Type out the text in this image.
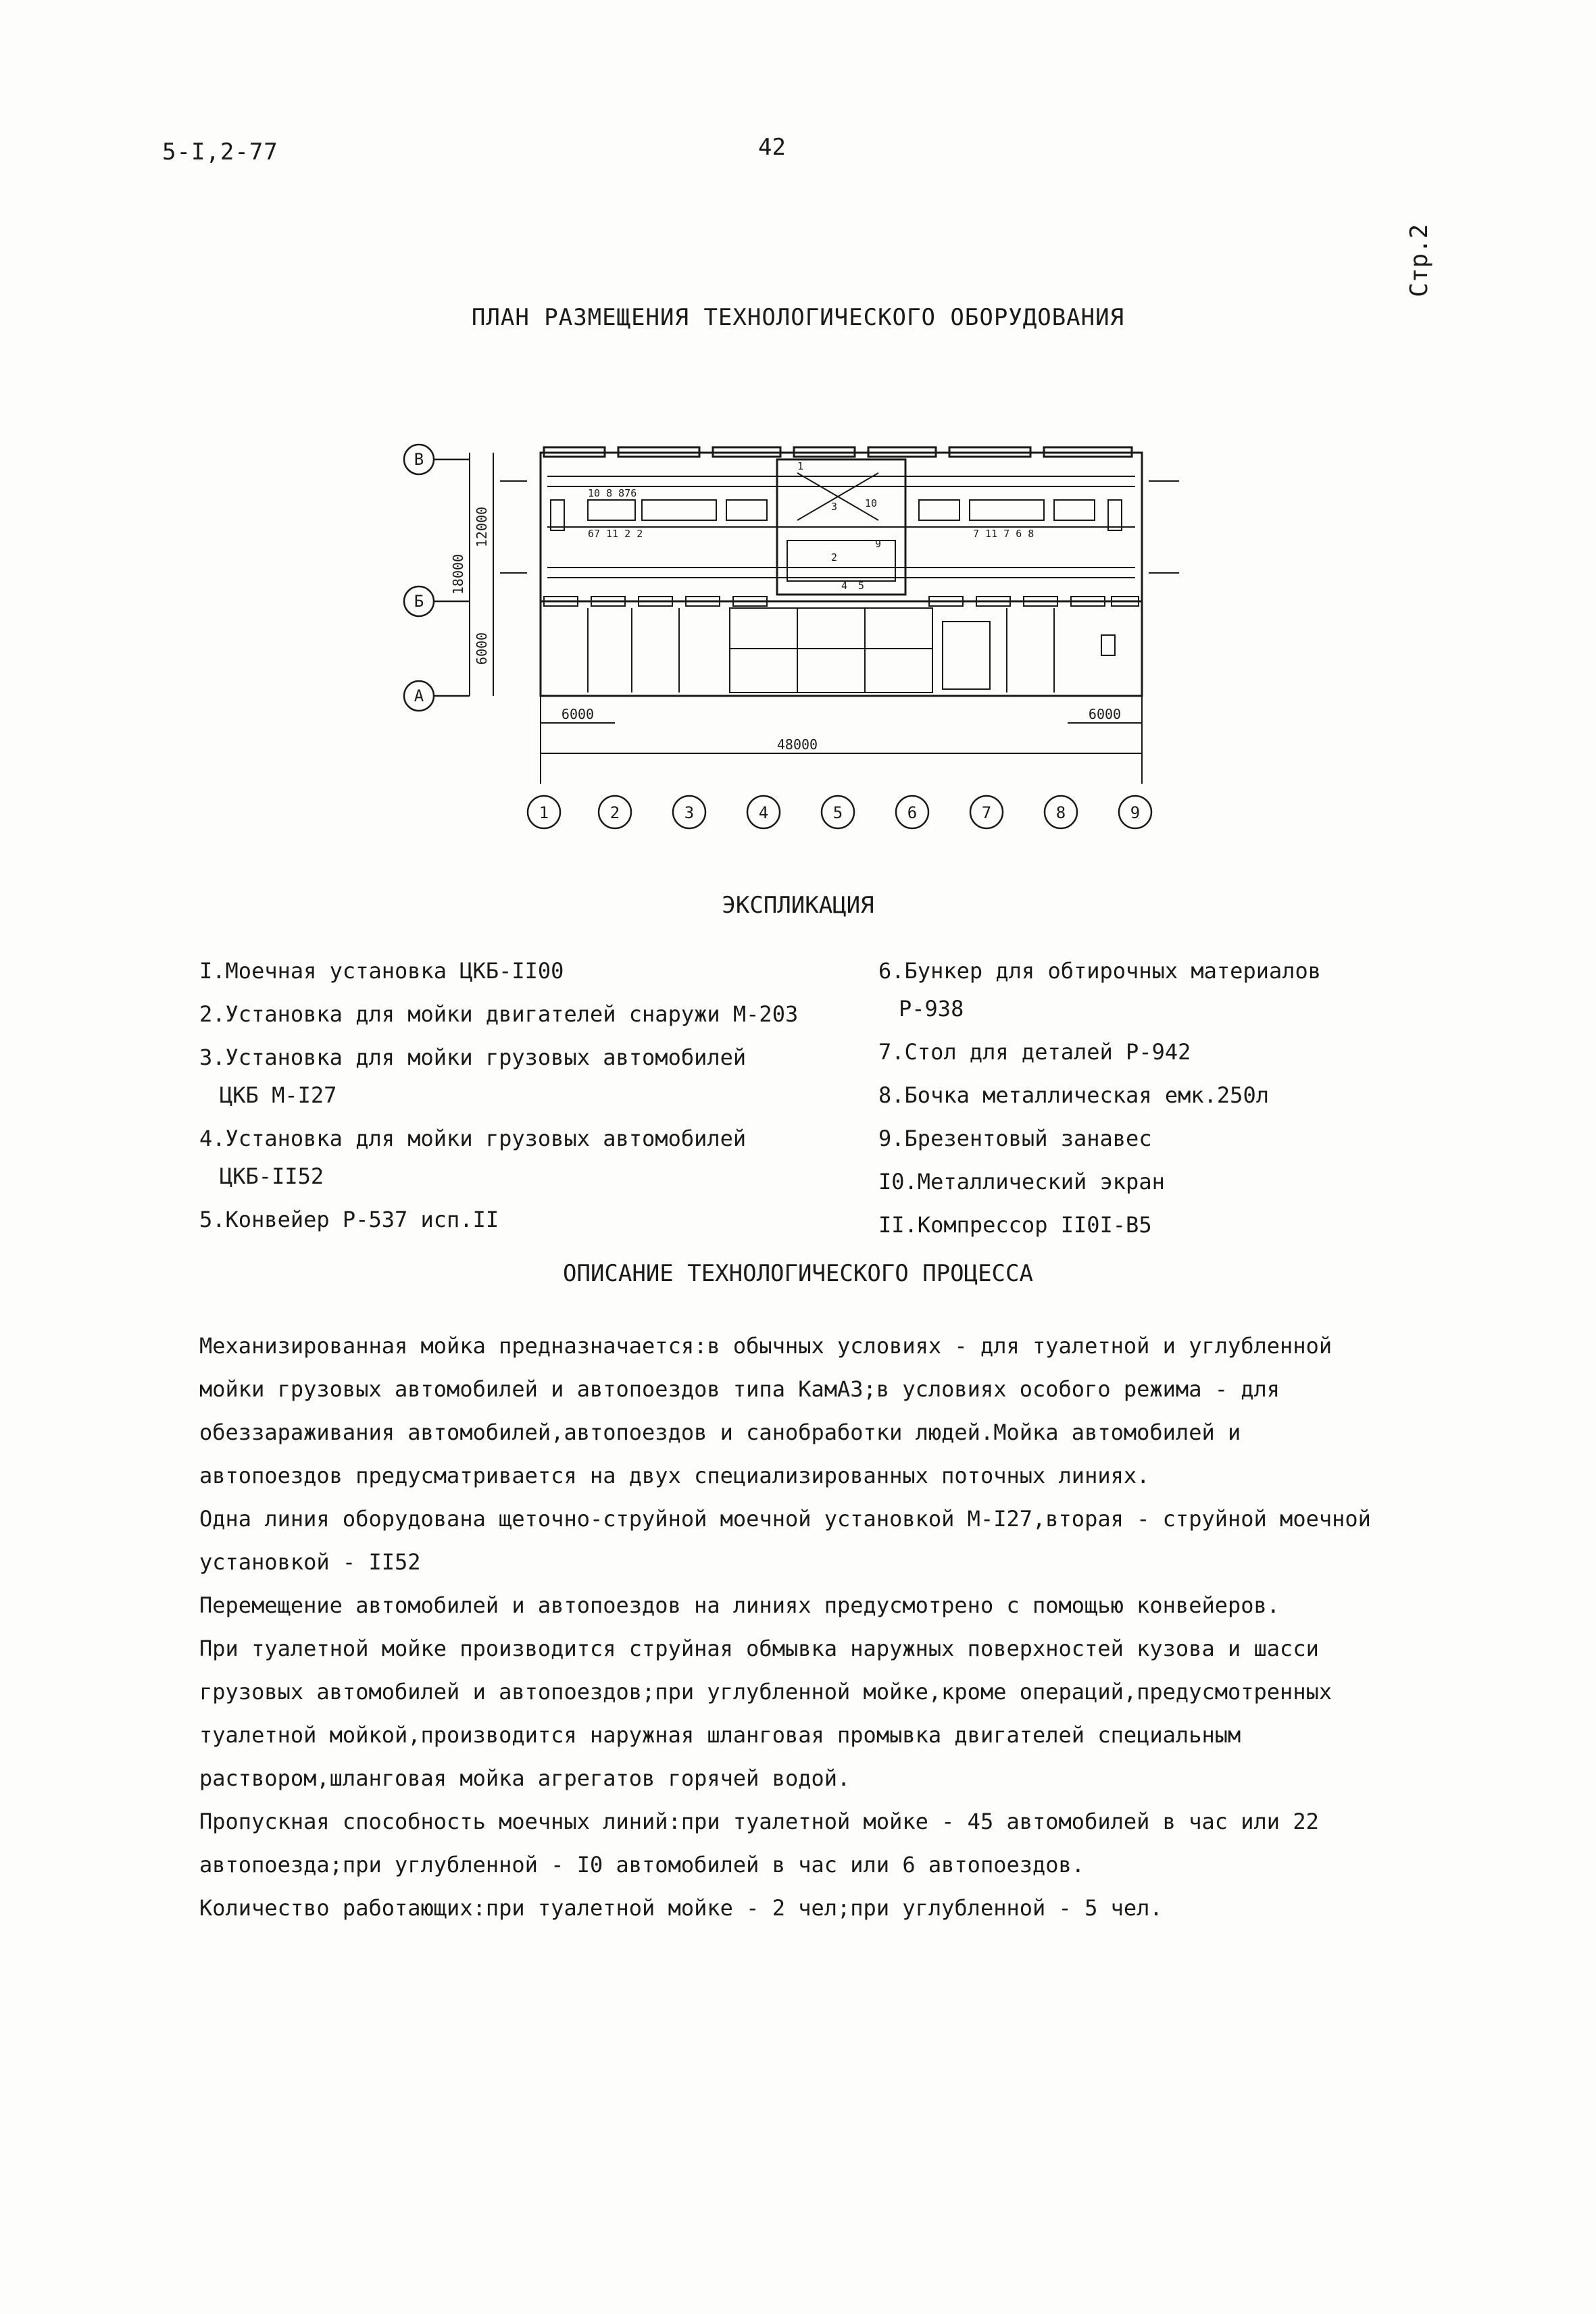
5-I,2-77	42
Стр.2
ПЛАН РАЗМЕЩЕНИЯ ТЕХНОЛОГИЧЕСКОГО ОБОРУДОВАНИЯ
В
Б
А
1	2	3	4	5	6	7	8	9
18000
12000
6000
6000	6000
48000
10 8 876
67 11 2 2	7 11 7 6 8
1
3	10
9
2
4 5
ЭКСПЛИКАЦИЯ

I.Моечная установка ЦКБ-II00

2.Установка для мойки двигателей снаружи М-203

3.Установка для мойки грузовых автомобилей
ЦКБ М-I27

4.Установка для мойки грузовых автомобилей
ЦКБ-II52

5.Конвейер Р-537 исп.II

6.Бункер для обтирочных материалов
Р-938

7.Стол для деталей Р-942

8.Бочка металлическая емк.250л

9.Брезентовый занавес

I0.Металлический экран

II.Компрессор II0I-В5

ОПИСАНИЕ ТЕХНОЛОГИЧЕСКОГО ПРОЦЕССА

Механизированная мойка предназначается:в обычных условиях - для туалетной и углубленной мойки грузовых автомобилей и автопоездов типа КамАЗ;в условиях особого режима - для обеззараживания автомобилей,автопоездов и санобработки людей.Мойка автомобилей и автопоездов предусматривается на двух специализированных поточных линиях.

Одна линия оборудована щеточно-струйной моечной установкой М-I27,вторая - струйной моечной установкой - II52

Перемещение автомобилей и автопоездов на линиях предусмотрено с помощью конвейеров.

При туалетной мойке производится струйная обмывка наружных поверхностей кузова и шасси грузовых автомобилей и автопоездов;при углубленной мойке,кроме операций,предусмотренных туалетной мойкой,производится наружная шланговая промывка двигателей специальным раствором,шланговая мойка агрегатов горячей водой.

Пропускная способность моечных линий:при туалетной мойке - 45 автомобилей в час или 22 автопоезда;при углубленной - I0 автомобилей в час или 6 автопоездов.

Количество работающих:при туалетной мойке - 2 чел;при углубленной - 5 чел.
